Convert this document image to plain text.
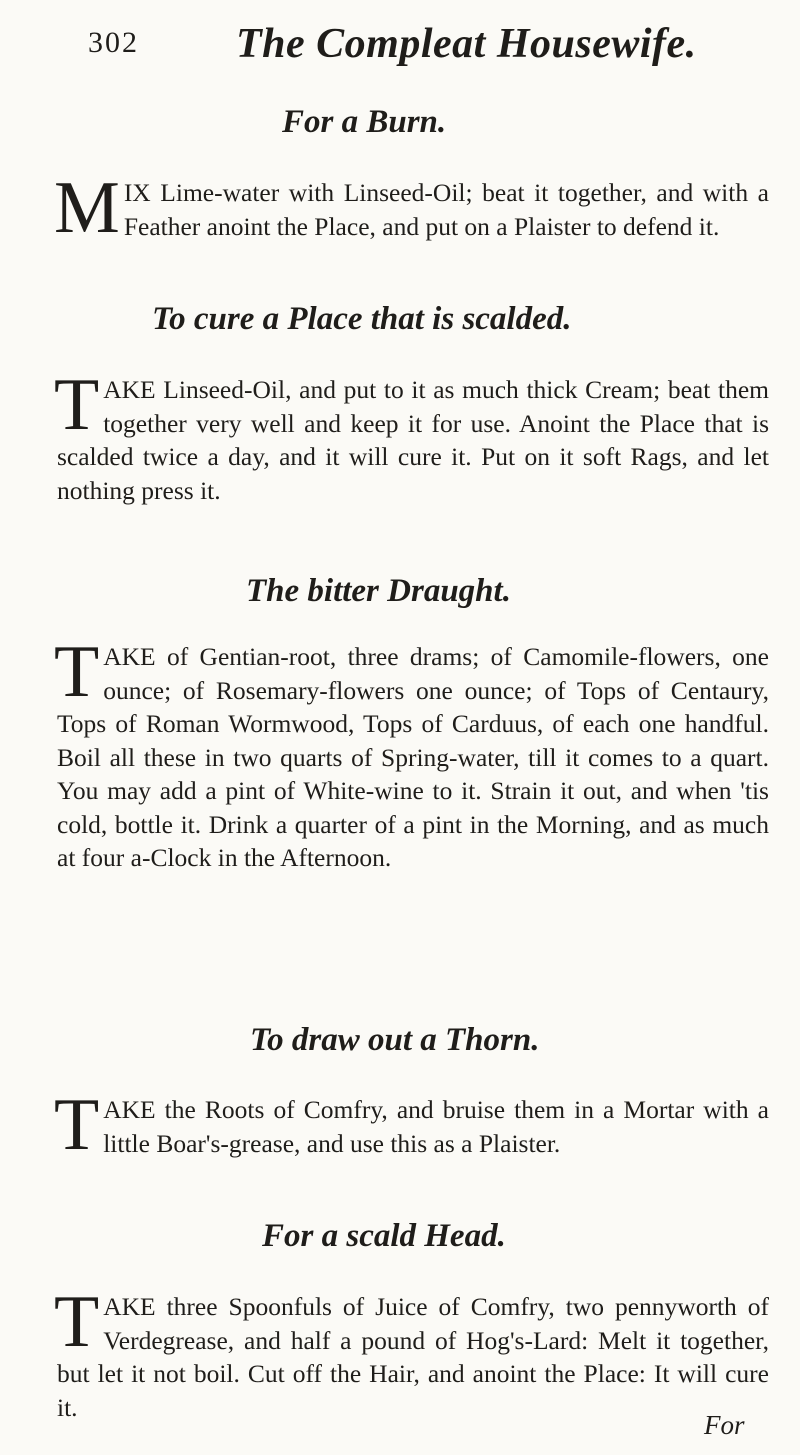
302 The Compleat Housewife.
For a Burn.

MIX Lime-water with Linseed-Oil; beat it together, and with a Feather anoint the Place, and put on a Plaister to defend it.

To cure a Place that is scalded.

TAKE Linseed-Oil, and put to it as much thick Cream; beat them together very well and keep it for use. Anoint the Place that is scalded twice a day, and it will cure it. Put on it soft Rags, and let nothing press it.

The bitter Draught.

TAKE of Gentian-root, three drams; of Camomile-flowers, one ounce; of Rosemary-flowers one ounce; of Tops of Centaury, Tops of Roman Wormwood, Tops of Carduus, of each one handful. Boil all these in two quarts of Spring-water, till it comes to a quart. You may add a pint of White-wine to it. Strain it out, and when 'tis cold, bottle it. Drink a quarter of a pint in the Morning, and as much at four a-Clock in the Afternoon.

To draw out a Thorn.

TAKE the Roots of Comfry, and bruise them in a Mortar with a little Boar's-grease, and use this as a Plaister.

For a scald Head.

TAKE three Spoonfuls of Juice of Comfry, two pennyworth of Verdegrease, and half a pound of Hog's-Lard: Melt it together, but let it not boil. Cut off the Hair, and anoint the Place: It will cure it.

For
